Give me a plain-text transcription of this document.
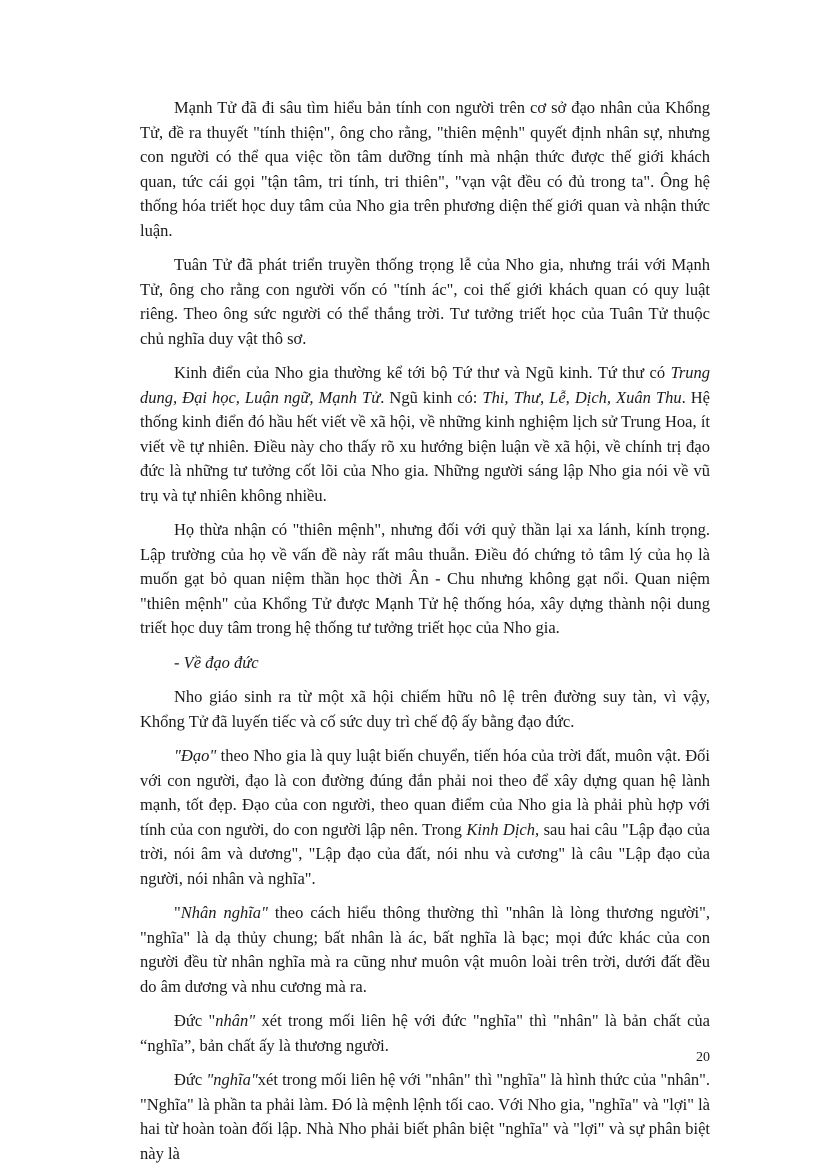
Mạnh Tử đã đi sâu tìm hiểu bản tính con người trên cơ sở đạo nhân của Khổng Tử, đề ra thuyết "tính thiện", ông cho rằng, "thiên mệnh" quyết định nhân sự, nhưng con người có thể qua việc tồn tâm dưỡng tính mà nhận thức được thế giới khách quan, tức cái gọi "tận tâm, tri tính, tri thiên", "vạn vật đều có đủ trong ta". Ông hệ thống hóa triết học duy tâm của Nho gia trên phương diện thế giới quan và nhận thức luận.

Tuân Tử đã phát triển truyền thống trọng lễ của Nho gia, nhưng trái với Mạnh Tử, ông cho rằng con người vốn có "tính ác", coi thế giới khách quan có quy luật riêng. Theo ông sức người có thể thắng trời. Tư tưởng triết học của Tuân Tử thuộc chủ nghĩa duy vật thô sơ.

Kinh điển của Nho gia thường kể tới bộ Tứ thư và Ngũ kinh. Tứ thư có Trung dung, Đại học, Luận ngữ, Mạnh Tử. Ngũ kinh có: Thi, Thư, Lễ, Dịch, Xuân Thu. Hệ thống kinh điển đó hầu hết viết về xã hội, về những kinh nghiệm lịch sử Trung Hoa, ít viết về tự nhiên. Điều này cho thấy rõ xu hướng biện luận về xã hội, về chính trị đạo đức là những tư tưởng cốt lõi của Nho gia. Những người sáng lập Nho gia nói về vũ trụ và tự nhiên không nhiều.

Họ thừa nhận có "thiên mệnh", nhưng đối với quỷ thần lại xa lánh, kính trọng. Lập trường của họ về vấn đề này rất mâu thuẫn. Điều đó chứng tỏ tâm lý của họ là muốn gạt bỏ quan niệm thần học thời Ân - Chu nhưng không gạt nổi. Quan niệm "thiên mệnh" của Khổng Tử được Mạnh Tử hệ thống hóa, xây dựng thành nội dung triết học duy tâm trong hệ thống tư tưởng triết học của Nho gia.

- Về đạo đức

Nho giáo sinh ra từ một xã hội chiếm hữu nô lệ trên đường suy tàn, vì vậy, Khổng Tử đã luyến tiếc và cố sức duy trì chế độ ấy bằng đạo đức.

"Đạo" theo Nho gia là quy luật biến chuyển, tiến hóa của trời đất, muôn vật. Đối với con người, đạo là con đường đúng đắn phải noi theo để xây dựng quan hệ lành mạnh, tốt đẹp. Đạo của con người, theo quan điểm của Nho gia là phải phù hợp với tính của con người, do con người lập nên. Trong Kinh Dịch, sau hai câu "Lập đạo của trời, nói âm và dương", "Lập đạo của đất, nói nhu và cương" là câu "Lập đạo của người, nói nhân và nghĩa".

"Nhân nghĩa" theo cách hiểu thông thường thì "nhân là lòng thương người", "nghĩa" là dạ thủy chung; bất nhân là ác, bất nghĩa là bạc; mọi đức khác của con người đều từ nhân nghĩa mà ra cũng như muôn vật muôn loài trên trời, dưới đất đều do âm dương và nhu cương mà ra.

Đức "nhân" xét trong mối liên hệ với đức "nghĩa" thì "nhân" là bản chất của “nghĩa”, bản chất ấy là thương người.

Đức "nghĩa"xét trong mối liên hệ với "nhân" thì "nghĩa" là hình thức của "nhân". "Nghĩa" là phần ta phải làm. Đó là mệnh lệnh tối cao. Với Nho gia, "nghĩa" và "lợi" là hai từ hoàn toàn đối lập. Nhà Nho phải biết phân biệt "nghĩa" và "lợi" và sự phân biệt này là

20
